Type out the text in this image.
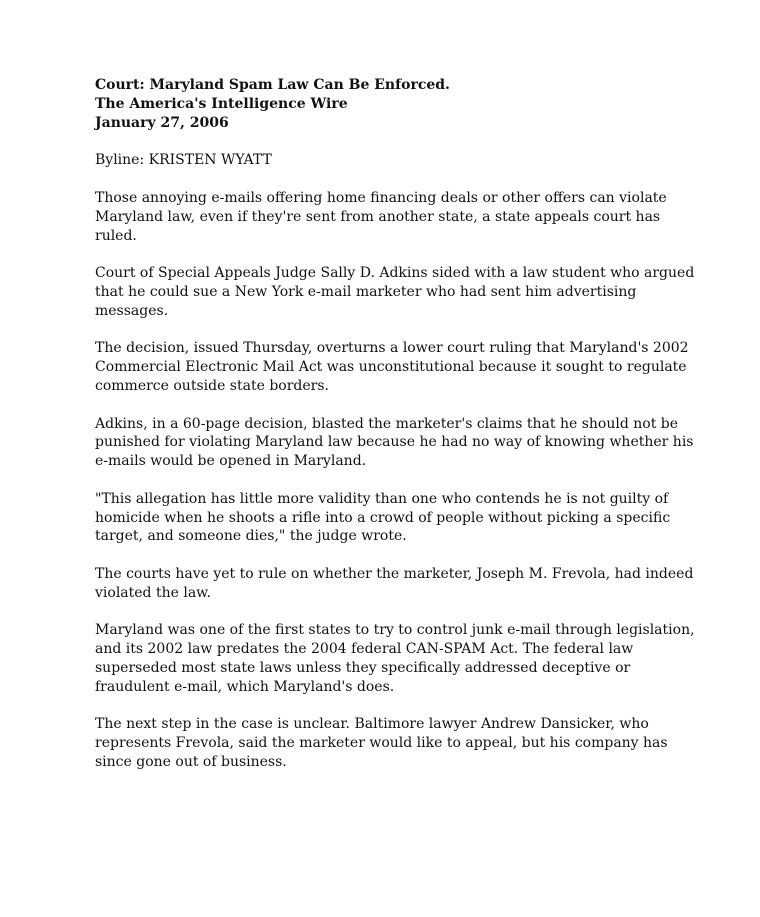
Court: Maryland Spam Law Can Be Enforced.
The America's Intelligence Wire
January 27, 2006
Byline: KRISTEN WYATT
Those annoying e-mails offering home financing deals or other offers can violate
Maryland law, even if they're sent from another state, a state appeals court has
ruled.
Court of Special Appeals Judge Sally D. Adkins sided with a law student who argued
that he could sue a New York e-mail marketer who had sent him advertising
messages.
The decision, issued Thursday, overturns a lower court ruling that Maryland's 2002
Commercial Electronic Mail Act was unconstitutional because it sought to regulate
commerce outside state borders.
Adkins, in a 60-page decision, blasted the marketer's claims that he should not be
punished for violating Maryland law because he had no way of knowing whether his
e-mails would be opened in Maryland.
"This allegation has little more validity than one who contends he is not guilty of
homicide when he shoots a rifle into a crowd of people without picking a specific
target, and someone dies," the judge wrote.
The courts have yet to rule on whether the marketer, Joseph M. Frevola, had indeed
violated the law.
Maryland was one of the first states to try to control junk e-mail through legislation,
and its 2002 law predates the 2004 federal CAN-SPAM Act. The federal law
superseded most state laws unless they specifically addressed deceptive or
fraudulent e-mail, which Maryland's does.
The next step in the case is unclear. Baltimore lawyer Andrew Dansicker, who
represents Frevola, said the marketer would like to appeal, but his company has
since gone out of business.
